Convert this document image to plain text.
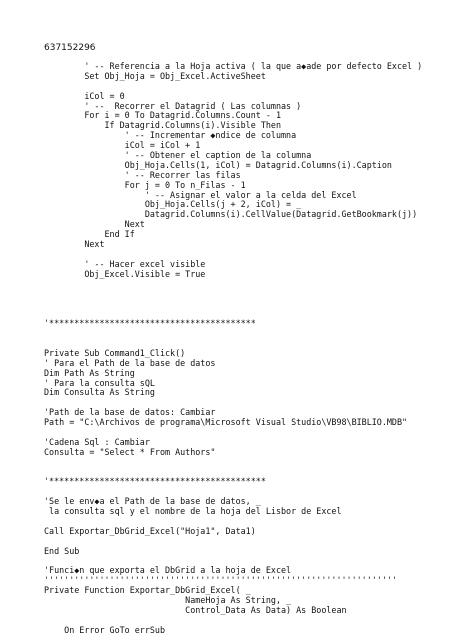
637152296
' -- Referencia a la Hoja activa ( la que a◆ade por defecto Excel )
Set Obj_Hoja = Obj_Excel.ActiveSheet
iCol = 0
' --  Recorrer el Datagrid ( Las columnas )
For i = 0 To Datagrid.Columns.Count - 1
If Datagrid.Columns(i).Visible Then
' -- Incrementar ◆ndice de columna
iCol = iCol + 1
' -- Obtener el caption de la columna
Obj_Hoja.Cells(1, iCol) = Datagrid.Columns(i).Caption
' -- Recorrer las filas
For j = 0 To n_Filas - 1
' -- Asignar el valor a la celda del Excel
Obj_Hoja.Cells(j + 2, iCol) = _
Datagrid.Columns(i).CellValue(Datagrid.GetBookmark(j))
Next
End If
Next
' -- Hacer excel visible
Obj_Excel.Visible = True
'*****************************************
Private Sub Command1_Click()
' Para el Path de la base de datos
Dim Path As String
' Para la consulta sQL
Dim Consulta As String
'Path de la base de datos: Cambiar
Path = "C:\Archivos de programa\Microsoft Visual Studio\VB98\BIBLIO.MDB"
'Cadena Sql : Cambiar
Consulta = "Select * From Authors"
'*******************************************
'Se le env◆a el Path de la base de datos, _
la consulta sql y el nombre de la hoja del Lisbor de Excel
Call Exportar_DbGrid_Excel("Hoja1", Data1)
End Sub
'Funci◆n que exporta el DbGrid a la hoja de Excel
''''''''''''''''''''''''''''''''''''''''''''''''''''''''''''''''''''''
Private Function Exportar_DbGrid_Excel( _
NameHoja As String, _
Control_Data As Data) As Boolean
On Error GoTo errSub
